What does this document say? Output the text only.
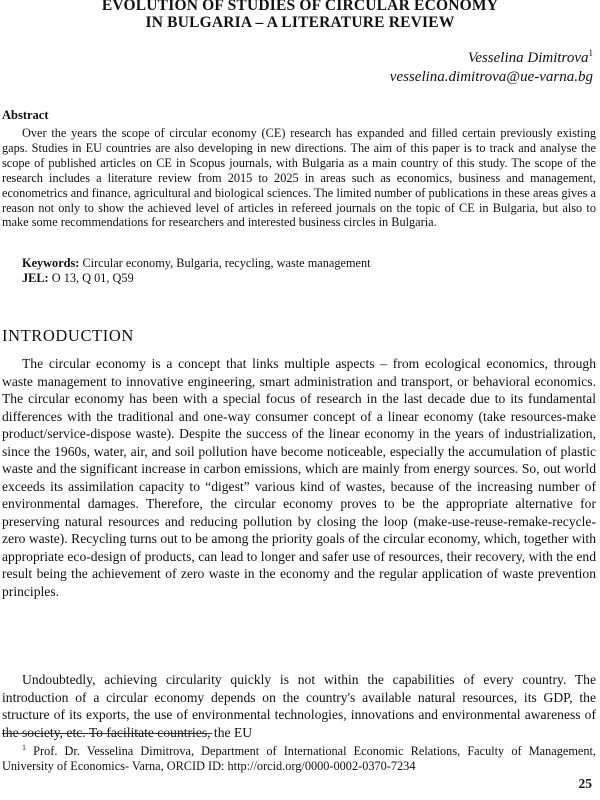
EVOLUTION OF STUDIES OF CIRCULAR ECONOMY
IN BULGARIA – A LITERATURE REVIEW
Vesselina Dimitrova$^1$
vesselina.dimitrova@ue-varna.bg
Abstract

Over the years the scope of circular economy (CE) research has expanded and filled certain previously existing gaps. Studies in EU countries are also developing in new directions. The aim of this paper is to track and analyse the scope of published articles on CE in Scopus journals, with Bulgaria as a main country of this study. The scope of the research includes a literature review from 2015 to 2025 in areas such as economics, business and management, econometrics and finance, agricultural and biological sciences. The limited number of publications in these areas gives a reason not only to show the achieved level of articles in refereed journals on the topic of CE in Bulgaria, but also to make some recommendations for researchers and interested business circles in Bulgaria.

Keywords: Circular economy, Bulgaria, recycling, waste management
JEL: O 13, Q 01, Q59
INTRODUCTION

The circular economy is a concept that links multiple aspects – from ecological economics, through waste management to innovative engineering, smart administration and transport, or behavioral economics. The circular economy has been with a special focus of research in the last decade due to its fundamental differences with the traditional and one-way consumer concept of a linear economy (take resources-make product/service-dispose waste). Despite the success of the linear economy in the years of industrialization, since the 1960s, water, air, and soil pollution have become noticeable, especially the accumulation of plastic waste and the significant increase in carbon emissions, which are mainly from energy sources. So, out world exceeds its assimilation capacity to “digest” various kind of wastes, because of the increasing number of environmental damages. Therefore, the circular economy proves to be the appropriate alternative for preserving natural resources and reducing pollution by closing the loop (make-use-reuse-remake-recycle-zero waste). Recycling turns out to be among the priority goals of the circular economy, which, together with appropriate eco-design of products, can lead to longer and safer use of resources, their recovery, with the end result being the achievement of zero waste in the economy and the regular application of waste prevention principles.

Undoubtedly, achieving circularity quickly is not within the capabilities of every country. The introduction of a circular economy depends on the country's available natural resources, its GDP, the structure of its exports, the use of environmental technologies, innovations and environmental awareness of the society, etc. To facilitate countries, the EU

$^1$ Prof. Dr. Vesselina Dimitrova, Department of International Economic Relations, Faculty of Management, University of Economics- Varna, ORCID ID: http://orcid.org/0000-0002-0370-7234

25
